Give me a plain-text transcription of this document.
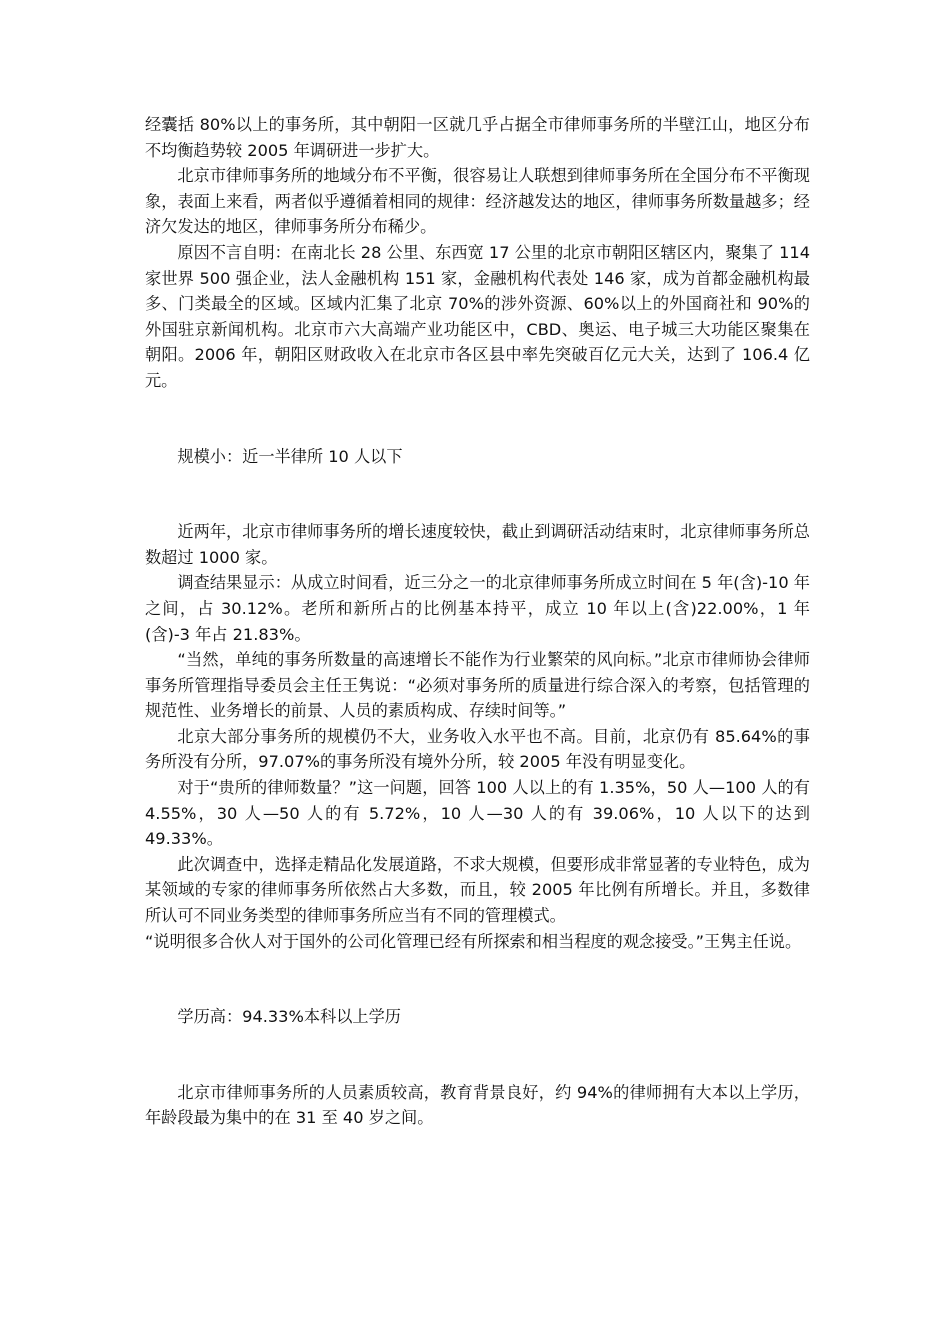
经囊括 80%以上的事务所，其中朝阳一区就几乎占据全市律师事务所的半壁江山，地区分布不均衡趋势较 2005 年调研进一步扩大。

北京市律师事务所的地域分布不平衡，很容易让人联想到律师事务所在全国分布不平衡现象，表面上来看，两者似乎遵循着相同的规律：经济越发达的地区，律师事务所数量越多；经济欠发达的地区，律师事务所分布稀少。

原因不言自明：在南北长 28 公里、东西宽 17 公里的北京市朝阳区辖区内，聚集了 114 家世界 500 强企业，法人金融机构 151 家，金融机构代表处 146 家，成为首都金融机构最多、门类最全的区域。区域内汇集了北京 70%的涉外资源、60%以上的外国商社和 90%的外国驻京新闻机构。北京市六大高端产业功能区中，CBD、奥运、电子城三大功能区聚集在朝阳。2006 年，朝阳区财政收入在北京市各区县中率先突破百亿元大关，达到了 106.4 亿元。

规模小：近一半律所 10 人以下

近两年，北京市律师事务所的增长速度较快，截止到调研活动结束时，北京律师事务所总数超过 1000 家。

调查结果显示：从成立时间看，近三分之一的北京律师事务所成立时间在 5 年(含)-10 年之间，占 30.12%。老所和新所占的比例基本持平，成立 10 年以上(含)22.00%，1 年(含)-3 年占 21.83%。

“当然，单纯的事务所数量的高速增长不能作为行业繁荣的风向标。”北京市律师协会律师事务所管理指导委员会主任王隽说：“必须对事务所的质量进行综合深入的考察，包括管理的规范性、业务增长的前景、人员的素质构成、存续时间等。”

北京大部分事务所的规模仍不大，业务收入水平也不高。目前，北京仍有 85.64%的事务所没有分所，97.07%的事务所没有境外分所，较 2005 年没有明显变化。

对于“贵所的律师数量？”这一问题，回答 100 人以上的有 1.35%，50 人—100 人的有 4.55%，30 人—50 人的有 5.72%，10 人—30 人的有 39.06%，10 人以下的达到 49.33%。

此次调查中，选择走精品化发展道路，不求大规模，但要形成非常显著的专业特色，成为某领域的专家的律师事务所依然占大多数，而且，较 2005 年比例有所增长。并且，多数律所认可不同业务类型的律师事务所应当有不同的管理模式。

“说明很多合伙人对于国外的公司化管理已经有所探索和相当程度的观念接受。”王隽主任说。

学历高：94.33%本科以上学历

北京市律师事务所的人员素质较高，教育背景良好，约 94%的律师拥有大本以上学历，年龄段最为集中的在 31 至 40 岁之间。
